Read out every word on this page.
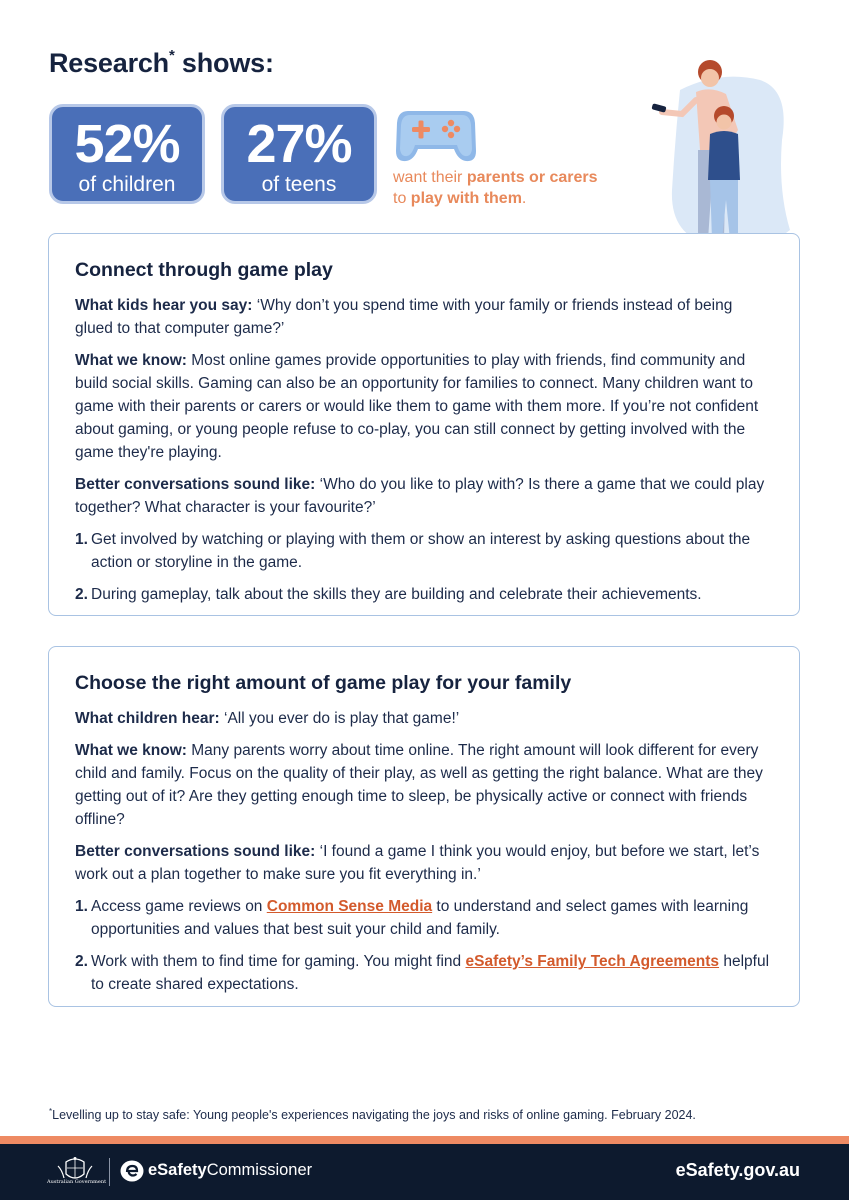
Research* shows:
52%
of children
27%
of teens	want their parents or carers
to play with them.
Connect through game play

What kids hear you say: ‘Why don’t you spend time with your family or friends instead of being glued to that computer game?’

What we know: Most online games provide opportunities to play with friends, find community and build social skills. Gaming can also be an opportunity for families to connect. Many children want to game with their parents or carers or would like them to game with them more. If you’re not confident about gaming, or young people refuse to co-play, you can still connect by getting involved with the game they're playing.

Better conversations sound like: ‘Who do you like to play with? Is there a game that we could play together? What character is your favourite?’

1. Get involved by watching or playing with them or show an interest by asking questions about the action or storyline in the game.
2. During gameplay, talk about the skills they are building and celebrate their achievements.
Choose the right amount of game play for your family

What children hear: ‘All you ever do is play that game!’

What we know: Many parents worry about time online. The right amount will look different for every child and family. Focus on the quality of their play, as well as getting the right balance. What are they getting out of it? Are they getting enough time to sleep, be physically active or connect with friends offline?

Better conversations sound like: ‘I found a game I think you would enjoy, but before we start, let’s work out a plan together to make sure you fit everything in.’

1. Access game reviews on Common Sense Media to understand and select games with learning opportunities and values that best suit your child and family.
2. Work with them to find time for gaming. You might find eSafety’s Family Tech Agreements helpful to create shared expectations.
*Levelling up to stay safe: Young people's experiences navigating the joys and risks of online gaming. February 2024.
Australian Government
eSafetyCommissioner	eSafety.gov.au
